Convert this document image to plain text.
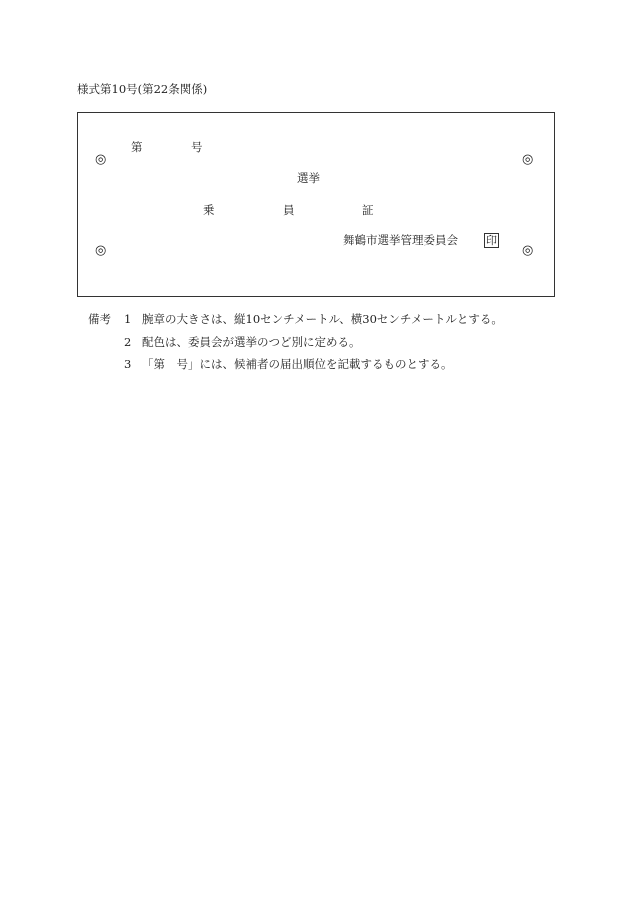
様式第10号(第22条関係)
◎	◎
◎	◎
第	号
選挙
乗	員	証
舞鶴市選挙管理委員会	印
備考 1 腕章の大きさは、縦10センチメートル、横30センチメートルとする。
2 配色は、委員会が選挙のつど別に定める。
3 「第　号」には、候補者の届出順位を記載するものとする。
